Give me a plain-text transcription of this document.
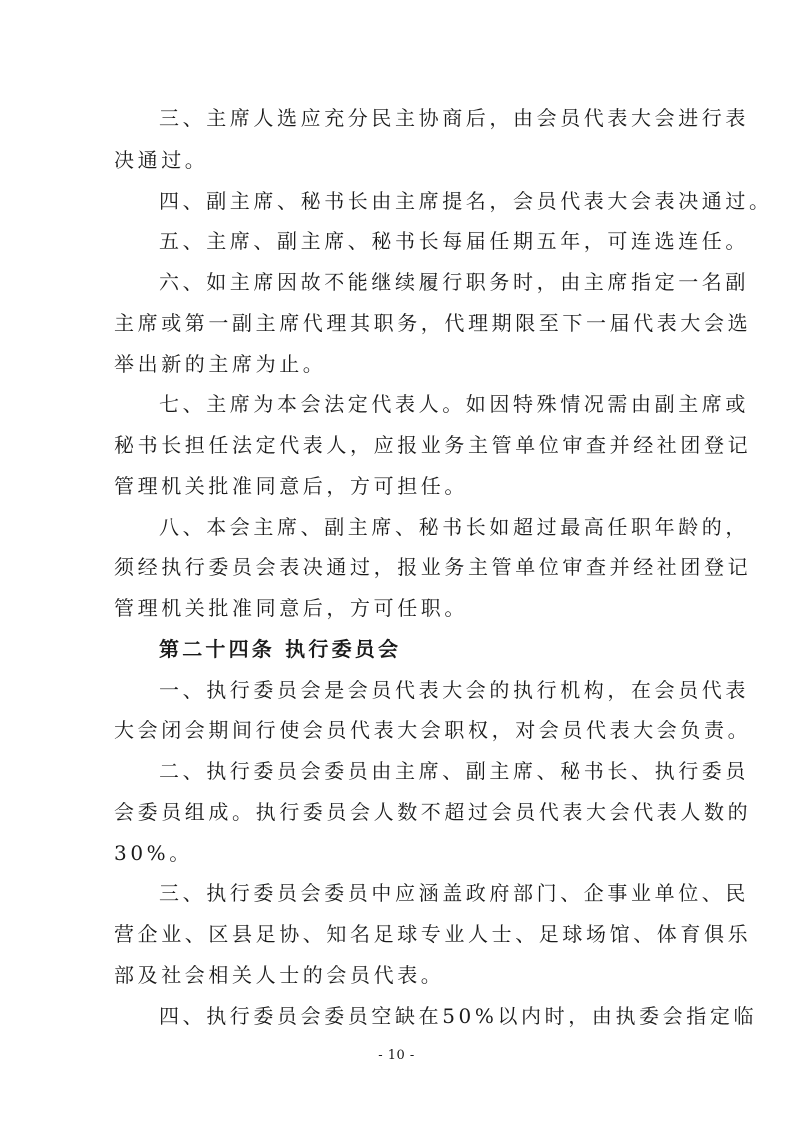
三、主席人选应充分民主协商后，由会员代表大会进行表
决通过。
四、副主席、秘书长由主席提名，会员代表大会表决通过。
五、主席、副主席、秘书长每届任期五年，可连选连任。
六、如主席因故不能继续履行职务时，由主席指定一名副
主席或第一副主席代理其职务，代理期限至下一届代表大会选
举出新的主席为止。
七、主席为本会法定代表人。如因特殊情况需由副主席或
秘书长担任法定代表人，应报业务主管单位审查并经社团登记
管理机关批准同意后，方可担任。
八、本会主席、副主席、秘书长如超过最高任职年龄的，
须经执行委员会表决通过，报业务主管单位审查并经社团登记
管理机关批准同意后，方可任职。
第二十四条 执行委员会
一、执行委员会是会员代表大会的执行机构，在会员代表
大会闭会期间行使会员代表大会职权，对会员代表大会负责。
二、执行委员会委员由主席、副主席、秘书长、执行委员
会委员组成。执行委员会人数不超过会员代表大会代表人数的
30%。
三、执行委员会委员中应涵盖政府部门、企事业单位、民
营企业、区县足协、知名足球专业人士、足球场馆、体育俱乐
部及社会相关人士的会员代表。
四、执行委员会委员空缺在50%以内时，由执委会指定临
- 10 -
